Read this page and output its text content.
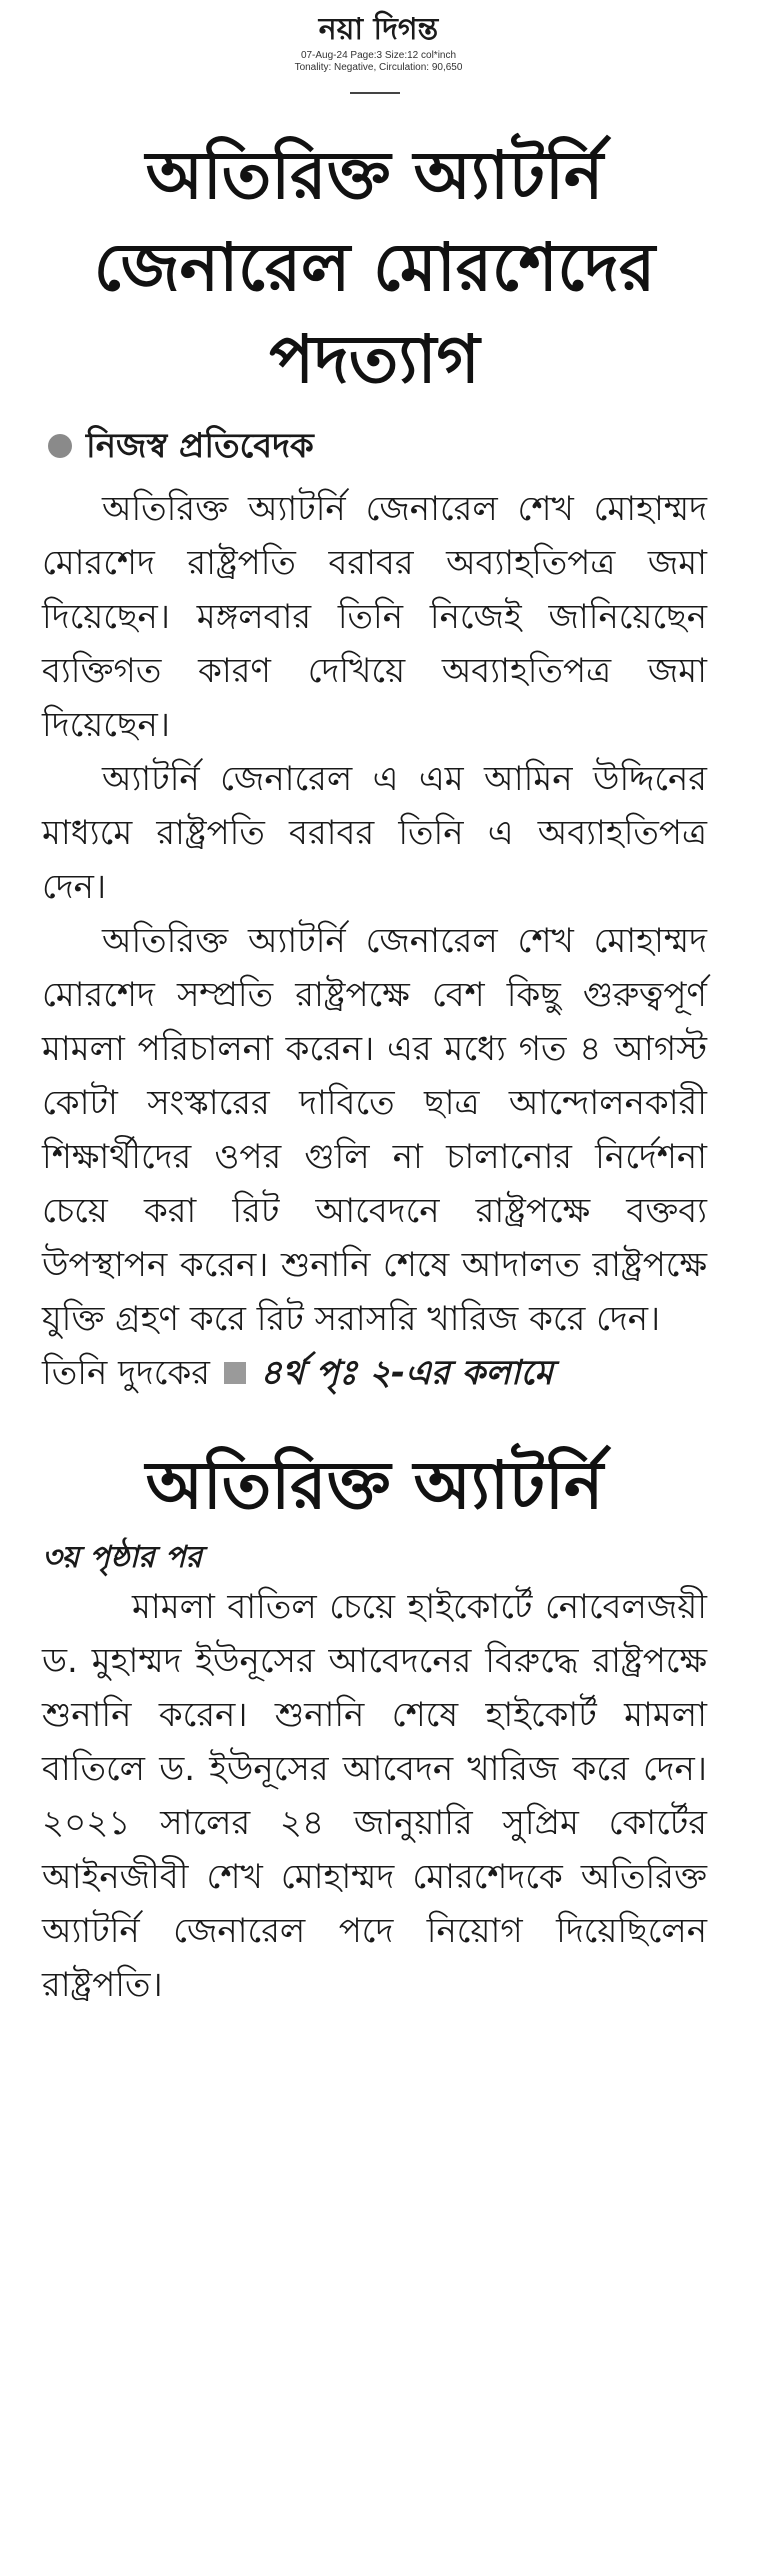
নয়া দিগন্ত
07-Aug-24 Page:3 Size:12 col*inch
Tonality: Negative, Circulation: 90,650
অতিরিক্ত অ্যাটর্নি জেনারেল মোরশেদের পদত্যাগ
নিজস্ব প্রতিবেদক

অতিরিক্ত অ্যাটর্নি জেনারেল শেখ মোহাম্মদ মোরশেদ রাষ্ট্রপতি বরাবর অব্যাহতিপত্র জমা দিয়েছেন। মঙ্গলবার তিনি নিজেই জানিয়েছেন ব্যক্তিগত কারণ দেখিয়ে অব্যাহতিপত্র জমা দিয়েছেন।

অ্যাটর্নি জেনারেল এ এম আমিন উদ্দিনের মাধ্যমে রাষ্ট্রপতি বরাবর তিনি এ অব্যাহতিপত্র দেন।

অতিরিক্ত অ্যাটর্নি জেনারেল শেখ মোহাম্মদ মোরশেদ সম্প্রতি রাষ্ট্রপক্ষে বেশ কিছু গুরুত্বপূর্ণ মামলা পরিচালনা করেন। এর মধ্যে গত ৪ আগস্ট কোটা সংস্কারের দাবিতে ছাত্র আন্দোলনকারী শিক্ষার্থীদের ওপর গুলি না চালানোর নির্দেশনা চেয়ে করা রিট আবেদনে রাষ্ট্রপক্ষে বক্তব্য উপস্থাপন করেন। শুনানি শেষে আদালত রাষ্ট্রপক্ষে যুক্তি গ্রহণ করে রিট সরাসরি খারিজ করে দেন।

তিনি দুদকের ৪র্থ পৃঃ ২-এর কলামে
অতিরিক্ত অ্যাটর্নি
৩য় পৃষ্ঠার পর

মামলা বাতিল চেয়ে হাইকোর্টে নোবেলজয়ী ড. মুহাম্মদ ইউনূসের আবেদনের বিরুদ্ধে রাষ্ট্রপক্ষে শুনানি করেন। শুনানি শেষে হাইকোর্ট মামলা বাতিলে ড. ইউনূসের আবেদন খারিজ করে দেন। ২০২১ সালের ২৪ জানুয়ারি সুপ্রিম কোর্টের আইনজীবী শেখ মোহাম্মদ মোরশেদকে অতিরিক্ত অ্যাটর্নি জেনারেল পদে নিয়োগ দিয়েছিলেন রাষ্ট্রপতি।
